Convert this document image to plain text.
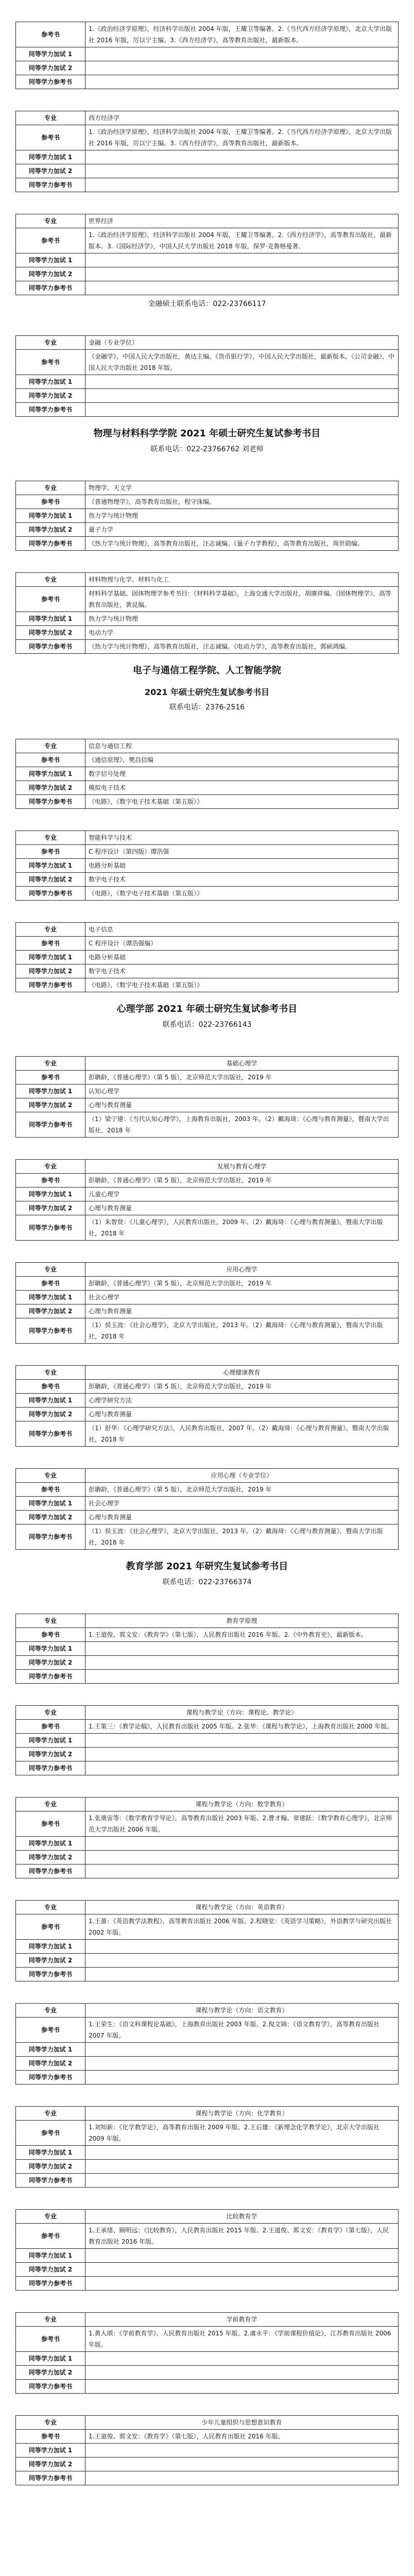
参考书	1.《政治经济学原理》，经济科学出版社 2004 年版，王耀卫等编著。2.《当代西方经济学原理》，北京大学出版社 2016 年版，厉以宁主编。3.《西方经济学》，高等教育出版社，最新版本。
同等学力加试 1	
同等学力加试 2	
同等学力参考书	
专业	西方经济学
参考书	1.《政治经济学原理》，经济科学出版社 2004 年版，王耀卫等编著。2.《当代西方经济学原理》，北京大学出版社 2016 年版，厉以宁主编。3.《西方经济学》，高等教育出版社，最新版本。
同等学力加试 1	
同等学力加试 2	
同等学力参考书	
专业	世界经济
参考书	1.《政治经济学原理》，经济科学出版社 2004 年版，王耀卫等编著。2.《西方经济学》，高等教育出版社，最新版本。3.《国际经济学》，中国人民大学出版社 2018 年版，保罗·克鲁格曼著。
同等学力加试 1	
同等学力加试 2	
同等学力参考书	
金融硕士联系电话：022-23766117
专业	金融（专业学位）
参考书	《金融学》，中国人民大学出版社，黄达主编。《货币银行学》，中国人民大学出版社，最新版本。《公司金融》，中国人民大学出版社 2018 年版。
同等学力加试 1	
同等学力加试 2	
同等学力参考书	
物理与材料科学学院 2021 年硕士研究生复试参考书目
联系电话：022-23766762 刘老师
专业	物理学、天文学
参考书	《普通物理学》，高等教育出版社，程守洙编。
同等学力加试 1	热力学与统计物理
同等学力加试 2	量子力学
同等学力参考书	《热力学与统计物理》，高等教育出版社，汪志诚编。《量子力学教程》，高等教育出版社，周世勋编。
专业	材料物理与化学、材料与化工
参考书	材料科学基础、固体物理学参考书目：《材料科学基础》，上海交通大学出版社，胡赓祥编。《固体物理学》，高等教育出版社，黄昆编。
同等学力加试 1	热力学与统计物理
同等学力加试 2	电动力学
同等学力参考书	《热力学与统计物理》，高等教育出版社，汪志诚编。《电动力学》，高等教育出版社，郭硕鸿编。
电子与通信工程学院、人工智能学院
2021 年硕士研究生复试参考书目
联系电话：2376-2516
专业	信息与通信工程
参考书	《通信原理》，樊昌信编
同等学力加试 1	数字信号处理
同等学力加试 2	模拟电子技术
同等学力参考书	《电路》，《数字电子技术基础（第五版）》
专业	智能科学与技术
参考书	C 程序设计（第四版）谭浩强
同等学力加试 1	电路分析基础
同等学力加试 2	数字电子技术
同等学力参考书	《电路》，《数字电子技术基础（第五版）》
专业	电子信息
参考书	C 程序设计（谭浩强编）
同等学力加试 1	电路分析基础
同等学力加试 2	数字电子技术
同等学力参考书	《电路》，《数字电子技术基础（第五版）》
心理学部 2021 年硕士研究生复试参考书目
联系电话：022-23766143
专业	基础心理学
参考书	彭聃龄，《普通心理学》（第 5 版），北京师范大学出版社，2019 年
同等学力加试 1	认知心理学
同等学力加试 2	心理与教育测量
同等学力参考书	（1）梁宁建：《当代认知心理学》，上海教育出版社，2003 年。（2）戴海琦：《心理与教育测量》，暨南大学出版社，2018 年
专业	发展与教育心理学
参考书	彭聃龄，《普通心理学》（第 5 版），北京师范大学出版社，2019 年
同等学力加试 1	儿童心理学
同等学力加试 2	心理与教育测量
同等学力参考书	（1）朱智贤：《儿童心理学》，人民教育出版社，2009 年。（2）戴海琦：《心理与教育测量》，暨南大学出版社，2018 年
专业	应用心理学
参考书	彭聃龄，《普通心理学》（第 5 版），北京师范大学出版社，2019 年
同等学力加试 1	社会心理学
同等学力加试 2	心理与教育测量
同等学力参考书	（1）侯玉波：《社会心理学》，北京大学出版社，2013 年。（2）戴海琦：《心理与教育测量》，暨南大学出版社，2018 年
专业	心理健康教育
参考书	彭聃龄，《普通心理学》（第 5 版），北京师范大学出版社，2019 年
同等学力加试 1	心理学研究方法
同等学力加试 2	心理与教育测量
同等学力参考书	（1）舒华：《心理学研究方法》，人民教育出版社，2007 年。（2）戴海琦：《心理与教育测量》，暨南大学出版社，2018 年
专业	应用心理（专业学位）
参考书	彭聃龄，《普通心理学》（第 5 版），北京师范大学出版社，2019 年
同等学力加试 1	社会心理学
同等学力加试 2	心理与教育测量
同等学力参考书	（1）侯玉波：《社会心理学》，北京大学出版社，2013 年。（2）戴海琦：《心理与教育测量》，暨南大学出版社，2018 年
教育学部 2021 年研究生复试参考书目
联系电话：022-23766374
专业	教育学原理
参考书	1.王道俊、郭文安：《教育学》（第七版），人民教育出版社 2016 年版。2.《中外教育史》，最新版本。
同等学力加试 1	
同等学力加试 2	
同等学力参考书	
专业	课程与教学论（方向：课程论、教学论）
参考书	1.王策三：《教学论稿》，人民教育出版社 2005 年版。2.张华：《课程与教学论》，上海教育出版社 2000 年版。
同等学力加试 1	
同等学力加试 2	
同等学力参考书	
专业	课程与教学论（方向：数学教育）
参考书	1.张奠宙等：《数学教育学导论》，高等教育出版社 2003 年版。2.曹才翰、章建跃：《数学教育心理学》，北京师范大学出版社 2006 年版。
同等学力加试 1	
同等学力加试 2	
同等学力参考书	
专业	课程与教学论（方向：英语教育）
参考书	1.王蔷：《英语教学法教程》，高等教育出版社 2006 年版。2.程晓堂：《英语学习策略》，外语教学与研究出版社 2002 年版。
同等学力加试 1	
同等学力加试 2	
同等学力参考书	
专业	课程与教学论（方向：语文教育）
参考书	1.王荣生：《语文科课程论基础》，上海教育出版社 2003 年版。2.倪文锦：《语文教育学》，高等教育出版社 2007 年版。
同等学力加试 1	
同等学力加试 2	
同等学力参考书	
专业	课程与教学论（方向：化学教育）
参考书	1.刘知新：《化学教学论》，高等教育出版社 2009 年版。2.王后雄：《新理念化学教学论》，北京大学出版社 2009 年版。
同等学力加试 1	
同等学力加试 2	
同等学力参考书	
专业	比较教育学
参考书	1.王承绪、顾明远：《比较教育》，人民教育出版社 2015 年版。2.王道俊、郭文安：《教育学》（第七版），人民教育出版社 2016 年版。
同等学力加试 1	
同等学力加试 2	
同等学力参考书	
专业	学前教育学
参考书	1.黄人颂：《学前教育学》，人民教育出版社 2015 年版。2.虞永平：《学前课程价值论》，江苏教育出版社 2006 年版。
同等学力加试 1	
同等学力加试 2	
同等学力参考书	
专业	少年儿童组织与思想意识教育
参考书	1.王道俊、郭文安：《教育学》（第七版），人民教育出版社 2016 年版。
同等学力加试 1	
同等学力加试 2	
同等学力参考书	
